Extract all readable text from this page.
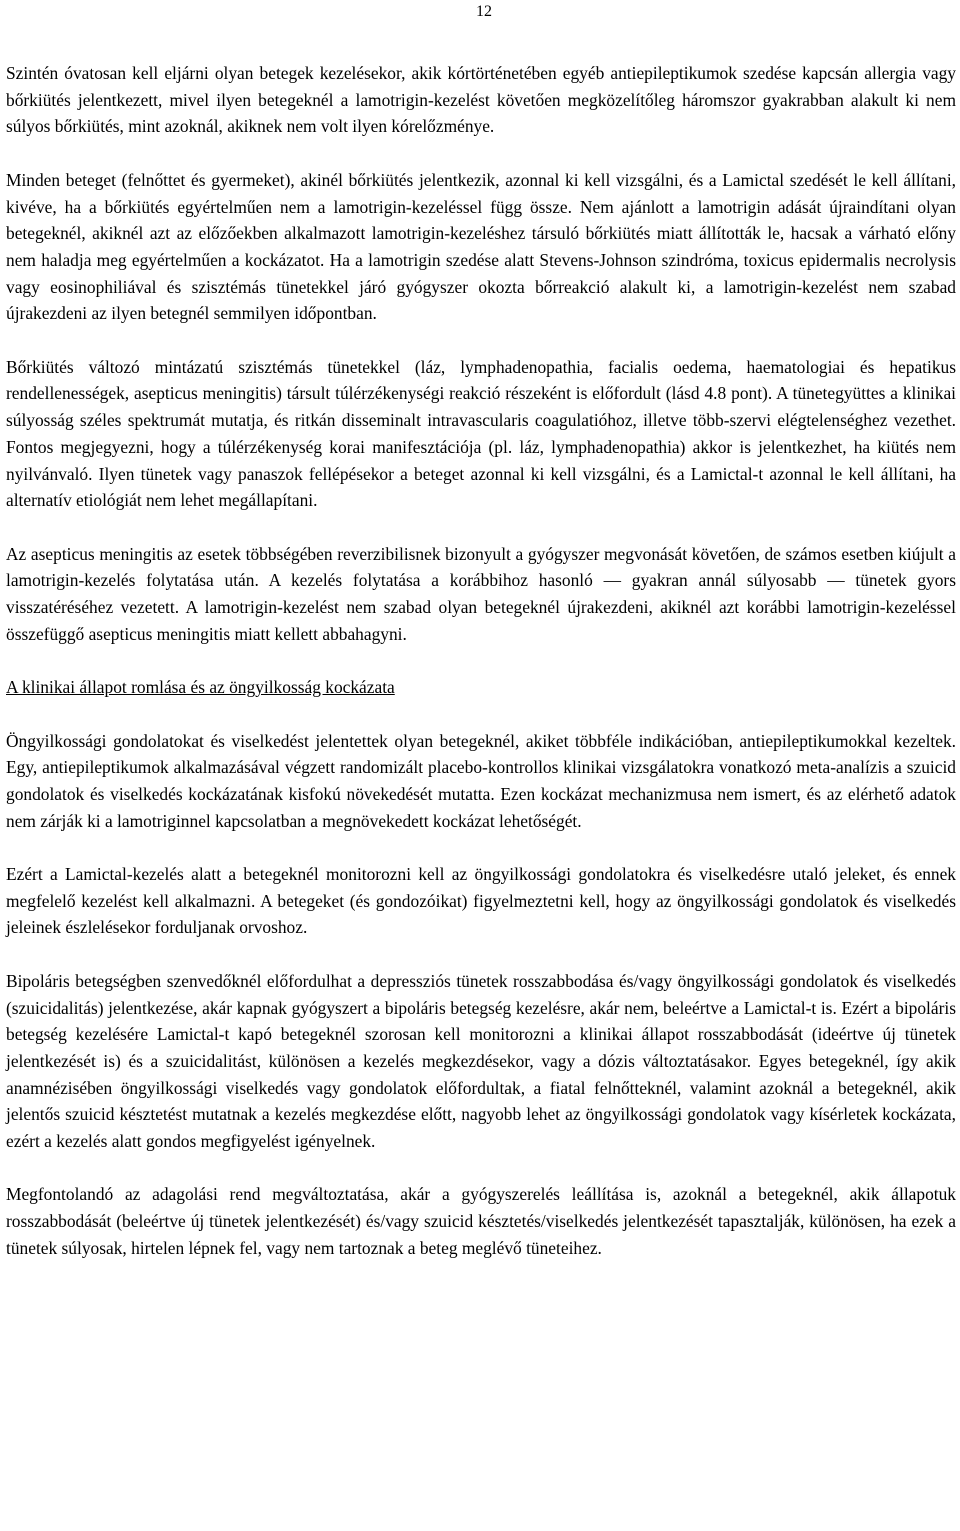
12

Szintén óvatosan kell eljárni olyan betegek kezelésekor, akik kórtörténetében egyéb antiepileptikumok szedése kapcsán allergia vagy bőrkiütés jelentkezett, mivel ilyen betegeknél a lamotrigin-kezelést követően megközelítőleg háromszor gyakrabban alakult ki nem súlyos bőrkiütés, mint azoknál, akiknek nem volt ilyen kórelőzménye.

Minden beteget (felnőttet és gyermeket), akinél bőrkiütés jelentkezik, azonnal ki kell vizsgálni, és a Lamictal szedését le kell állítani, kivéve, ha a bőrkiütés egyértelműen nem a lamotrigin-kezeléssel függ össze. Nem ajánlott a lamotrigin adását újraindítani olyan betegeknél, akiknél azt az előzőekben alkalmazott lamotrigin-kezeléshez társuló bőrkiütés miatt állították le, hacsak a várható előny nem haladja meg egyértelműen a kockázatot. Ha a lamotrigin szedése alatt Stevens-Johnson szindróma, toxicus epidermalis necrolysis vagy eosinophiliával és szisztémás tünetekkel járó gyógyszer okozta bőrreakció alakult ki, a lamotrigin-kezelést nem szabad újrakezdeni az ilyen betegnél semmilyen időpontban.

Bőrkiütés változó mintázatú szisztémás tünetekkel (láz, lymphadenopathia, facialis oedema, haematologiai és hepatikus rendellenességek, asepticus meningitis) társult túlérzékenységi reakció részeként is előfordult (lásd 4.8 pont). A tünetegyüttes a klinikai súlyosság széles spektrumát mutatja, és ritkán disseminalt intravascularis coagulatióhoz, illetve több-szervi elégtelenséghez vezethet. Fontos megjegyezni, hogy a túlérzékenység korai manifesztációja (pl. láz, lymphadenopathia) akkor is jelentkezhet, ha kiütés nem nyilvánvaló. Ilyen tünetek vagy panaszok fellépésekor a beteget azonnal ki kell vizsgálni, és a Lamictal-t azonnal le kell állítani, ha alternatív etiológiát nem lehet megállapítani.

Az asepticus meningitis az esetek többségében reverzibilisnek bizonyult a gyógyszer megvonását követően, de számos esetben kiújult a lamotrigin-kezelés folytatása után. A kezelés folytatása a korábbihoz hasonló ― gyakran annál súlyosabb ― tünetek gyors visszatéréséhez vezetett. A lamotrigin-kezelést nem szabad olyan betegeknél újrakezdeni, akiknél azt korábbi lamotrigin-kezeléssel összefüggő asepticus meningitis miatt kellett abbahagyni.

A klinikai állapot romlása és az öngyilkosság kockázata

Öngyilkossági gondolatokat és viselkedést jelentettek olyan betegeknél, akiket többféle indikációban, antiepileptikumokkal kezeltek. Egy, antiepileptikumok alkalmazásával végzett randomizált placebo-kontrollos klinikai vizsgálatokra vonatkozó meta-analízis a szuicid gondolatok és viselkedés kockázatának kisfokú növekedését mutatta. Ezen kockázat mechanizmusa nem ismert, és az elérhető adatok nem zárják ki a lamotriginnel kapcsolatban a megnövekedett kockázat lehetőségét.

Ezért a Lamictal-kezelés alatt a betegeknél monitorozni kell az öngyilkossági gondolatokra és viselkedésre utaló jeleket, és ennek megfelelő kezelést kell alkalmazni. A betegeket (és gondozóikat) figyelmeztetni kell, hogy az öngyilkossági gondolatok és viselkedés jeleinek észlelésekor forduljanak orvoshoz.

Bipoláris betegségben szenvedőknél előfordulhat a depressziós tünetek rosszabbodása és/vagy öngyilkossági gondolatok és viselkedés (szuicidalitás) jelentkezése, akár kapnak gyógyszert a bipoláris betegség kezelésre, akár nem, beleértve a Lamictal-t is. Ezért a bipoláris betegség kezelésére Lamictal-t kapó betegeknél szorosan kell monitorozni a klinikai állapot rosszabbodását (ideértve új tünetek jelentkezését is) és a szuicidalitást, különösen a kezelés megkezdésekor, vagy a dózis változtatásakor. Egyes betegeknél, így akik anamnézisében öngyilkossági viselkedés vagy gondolatok előfordultak, a fiatal felnőtteknél, valamint azoknál a betegeknél, akik jelentős szuicid késztetést mutatnak a kezelés megkezdése előtt, nagyobb lehet az öngyilkossági gondolatok vagy kísérletek kockázata, ezért a kezelés alatt gondos megfigyelést igényelnek.

Megfontolandó az adagolási rend megváltoztatása, akár a gyógyszerelés leállítása is, azoknál a betegeknél, akik állapotuk rosszabbodását (beleértve új tünetek jelentkezését) és/vagy szuicid késztetés/viselkedés jelentkezését tapasztalják, különösen, ha ezek a tünetek súlyosak, hirtelen lépnek fel, vagy nem tartoznak a beteg meglévő tüneteihez.
